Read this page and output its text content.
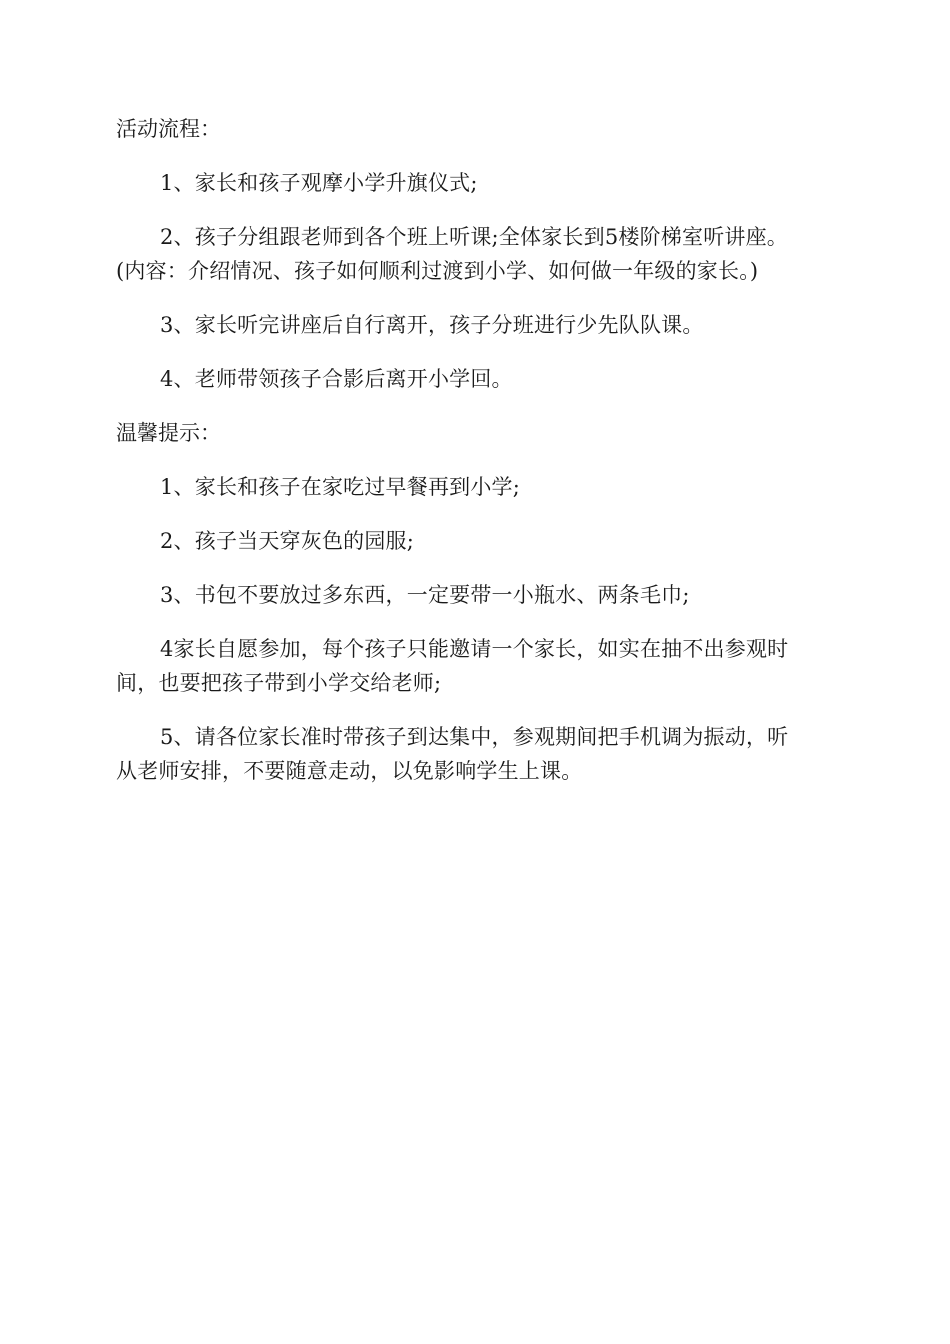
活动流程：
1、家长和孩子观摩小学升旗仪式;
2、孩子分组跟老师到各个班上听课;全体家长到5楼阶梯室听讲座。
(内容：介绍情况、孩子如何顺利过渡到小学、如何做一年级的家长。)
3、家长听完讲座后自行离开，孩子分班进行少先队队课。
4、老师带领孩子合影后离开小学回。
温馨提示：
1、家长和孩子在家吃过早餐再到小学;
2、孩子当天穿灰色的园服;
3、书包不要放过多东西，一定要带一小瓶水、两条毛巾;
4家长自愿参加，每个孩子只能邀请一个家长，如实在抽不出参观时
间，也要把孩子带到小学交给老师;
5、请各位家长准时带孩子到达集中，参观期间把手机调为振动，听
从老师安排，不要随意走动，以免影响学生上课。
